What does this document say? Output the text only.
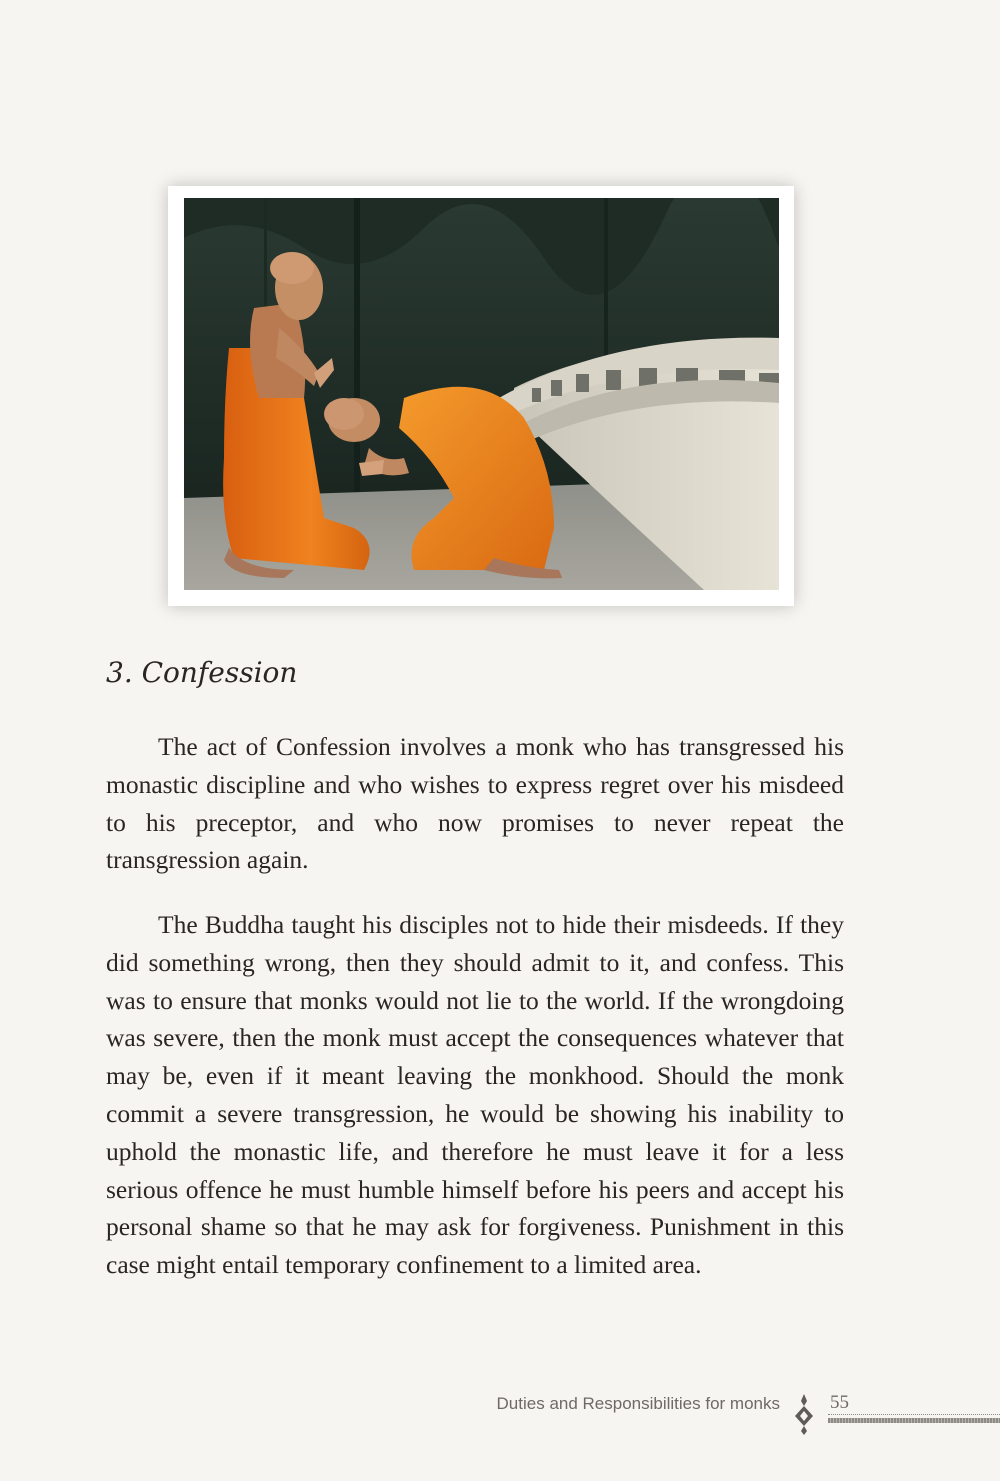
3. Confession

The act of Confession involves a monk who has transgressed his monastic discipline and who wishes to express regret over his misdeed to his preceptor, and who now promises to never repeat the transgression again.

The Buddha taught his disciples not to hide their misdeeds. If they did something wrong, then they should admit to it, and confess. This was to ensure that monks would not lie to the world. If the wrongdoing was severe, then the monk must accept the consequences whatever that may be, even if it meant leaving the monkhood. Should the monk commit a severe transgression, he would be showing his inability to uphold the monastic life, and therefore he must leave it for a less serious offence he must humble himself before his peers and accept his personal shame so that he may ask for forgiveness. Punishment in this case might entail temporary confinement to a limited area.

Duties and Responsibilities for monks	55
